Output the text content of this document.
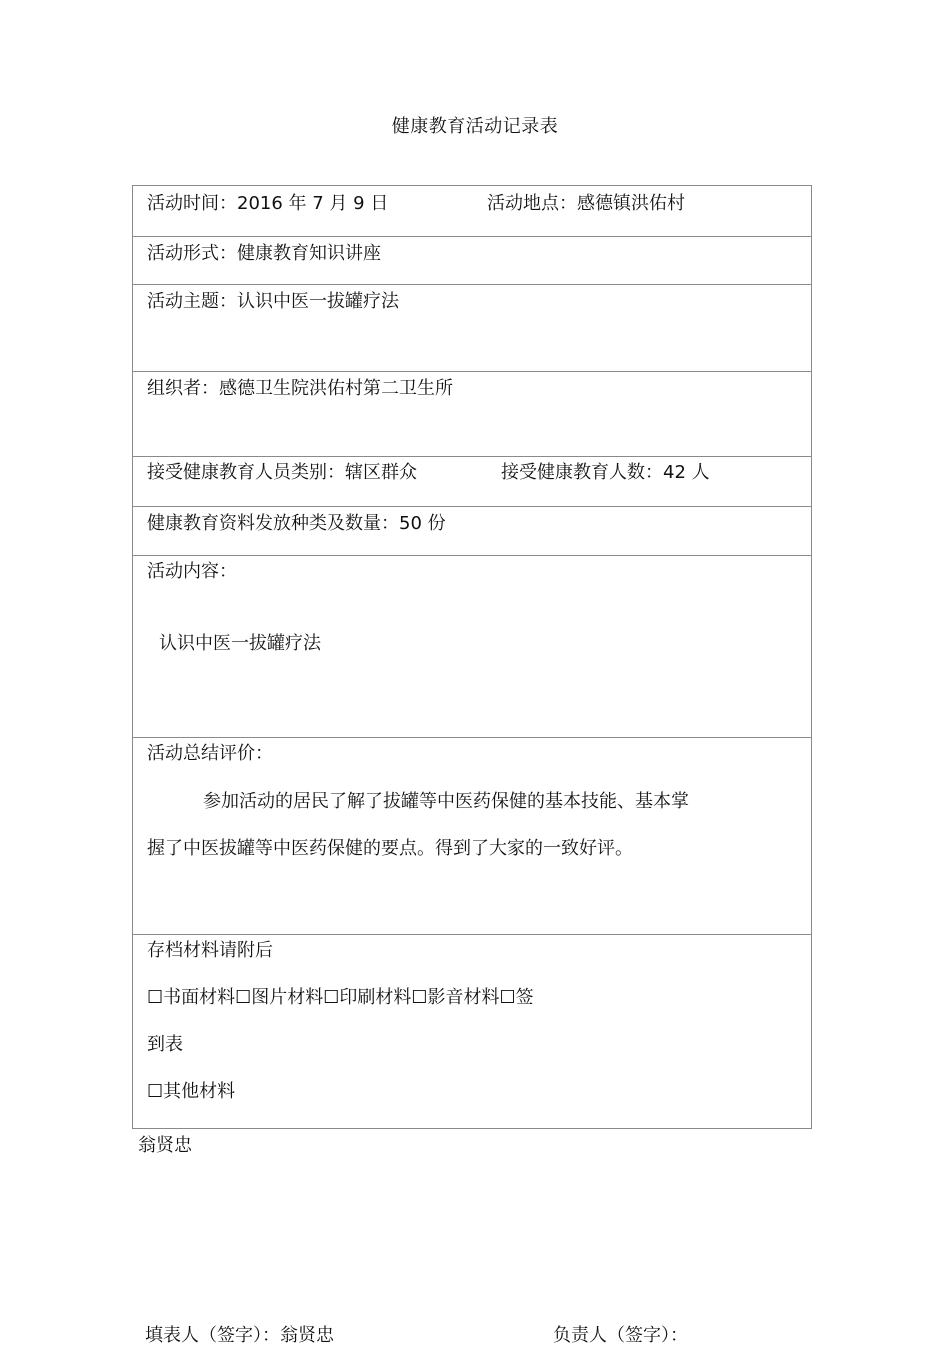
健康教育活动记录表
活动时间：2016 年 7 月 9 日	活动地点：感德镇洪佑村
活动形式：健康教育知识讲座
活动主题：认识中医一拔罐疗法
组织者：感德卫生院洪佑村第二卫生所
接受健康教育人员类别：辖区群众	接受健康教育人数：42 人
健康教育资料发放种类及数量：50 份
活动内容：
认识中医一拔罐疗法
活动总结评价：
参加活动的居民了解了拔罐等中医药保健的基本技能、基本掌
握了中医拔罐等中医药保健的要点。得到了大家的一致好评。
存档材料请附后
☐书面材料☐图片材料☐印刷材料☐影音材料☐签
到表
☐其他材料
翁贤忠
填表人（签字）：翁贤忠	负责人（签字）：
